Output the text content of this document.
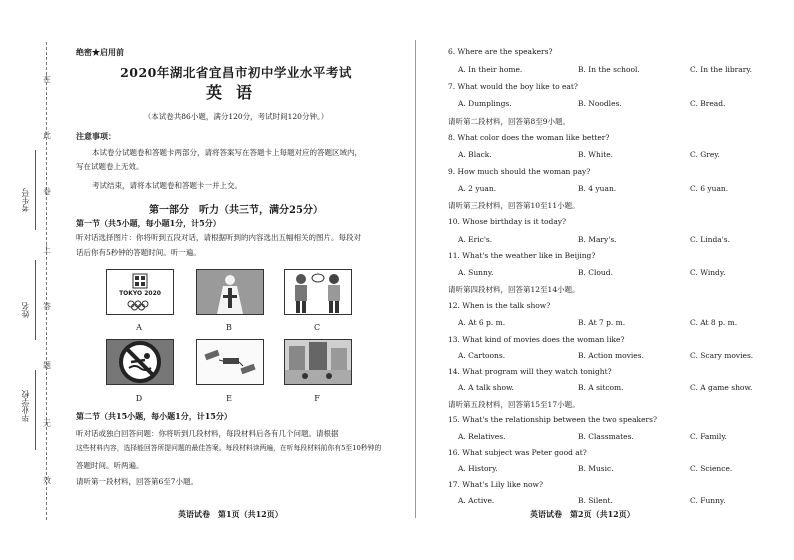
在
此
卷
上
答
题
无
效
考生号
姓名
毕业学校
绝密★启用前
2020年湖北省宜昌市初中学业水平考试
英语
（本试卷共86小题，满分120分，考试时间120分钟。）
注意事项：
本试卷分试题卷和答题卡两部分，请将答案写在答题卡上每题对应的答题区域内，
写在试题卷上无效。
考试结束，请将本试题卷和答题卡一并上交。
第一部分　听力（共三节，满分25分）
第一节（共5小题，每小题1分，计5分）
听对话选择图片：你将听到五段对话，请根据听到的内容选出五幅相关的图片。每段对
话后你有5秒钟的答题时间。听一遍。
TOKYO 2020
A	B	C
D	E	F
第二节（共15小题，每小题1分，计15分）
听对话或独白回答问题：你将听到几段材料，每段材料后各有几个问题。请根据
这些材料内容，选择能回答所提问题的最佳答案。每段材料读两遍，在听每段材料前你有5至10秒钟的
答题时间。听两遍。
请听第一段材料，回答第6至7小题。
英语试卷　第1页（共12页）
6. Where are the speakers?
A. In their home.	B. In the school.	C. In the library.
7. What would the boy like to eat?
A. Dumplings.	B. Noodles.	C. Bread.
请听第二段材料，回答第8至9小题。
8. What color does the woman like better?
A. Black.	B. White.	C. Grey.
9. How much should the woman pay?
A. 2 yuan.	B. 4 yuan.	C. 6 yuan.
请听第三段材料，回答第10至11小题。
10. Whose birthday is it today?
A. Eric's.	B. Mary's.	C. Linda's.
11. What's the weather like in Beijing?
A. Sunny.	B. Cloud.	C. Windy.
请听第四段材料，回答第12至14小题。
12. When is the talk show?
A. At 6 p. m.	B. At 7 p. m.	C. At 8 p. m.
13. What kind of movies does the woman like?
A. Cartoons.	B. Action movies.	C. Scary movies.
14. What program will they watch tonight?
A. A talk show.	B. A sitcom.	C. A game show.
请听第五段材料，回答第15至17小题。
15. What's the relationship between the two speakers?
A. Relatives.	B. Classmates.	C. Family.
16. What subject was Peter good at?
A. History.	B. Music.	C. Science.
17. What's Lily like now?
A. Active.	B. Silent.	C. Funny.
英语试卷　第2页（共12页）
